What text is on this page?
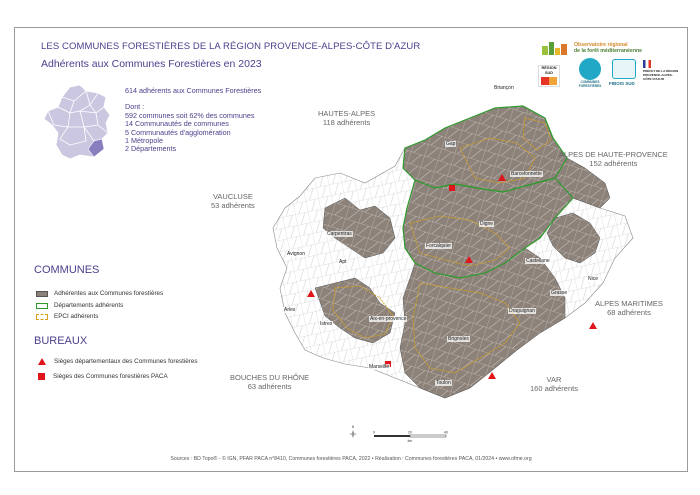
LES COMMUNES FORESTIÈRES DE LA RÉGION PROVENCE-ALPES-CÔTE D'AZUR
Adhérents aux Communes Forestières en 2023
614 adhérents aux Communes Forestières
Dont :
592 communes soit 62% des communes
14 Communautés de communes
5 Communautés d'agglomération
1 Métropole
2 Départements
Observatoire régional
de la forêt méditerranéenne
RÉGION SUD
COMMUNES FORESTIÈRES	FIBOIS SUD
PRÉFET DE LA RÉGION PROVENCE-ALPES-CÔTE D'AZUR
Briançon
Gap
Barcelonnette
Digne
Forcalquier
Carpentras
Avignon
Apt	Castellane
Grasse
Nice
Arles
Istres
Aix-en-provence
Brignoles
Draguignan
Marseille
Toulon
HAUTES-ALPES
118 adhérents
ALPES DE HAUTE-PROVENCE
152 adhérents
VAUCLUSE
53 adhérents
ALPES MARITIMES
68 adhérents
BOUCHES DU RHÔNE
63 adhérents
VAR
160 adhérents
COMMUNES
Adhérentes aux Communes forestières
Départements adhérents
EPCI adhérents
BUREAUX
Sièges départementaux des Communes forestières
Sièges des Communes forestières PACA
N
0	20	40
km
Sources : BD Topo® - © IGN, PFAR PACA n°8410, Communes forestières PACA, 2022 • Réalisation : Communes forestières PACA, 01/2024 • www.ofme.org
